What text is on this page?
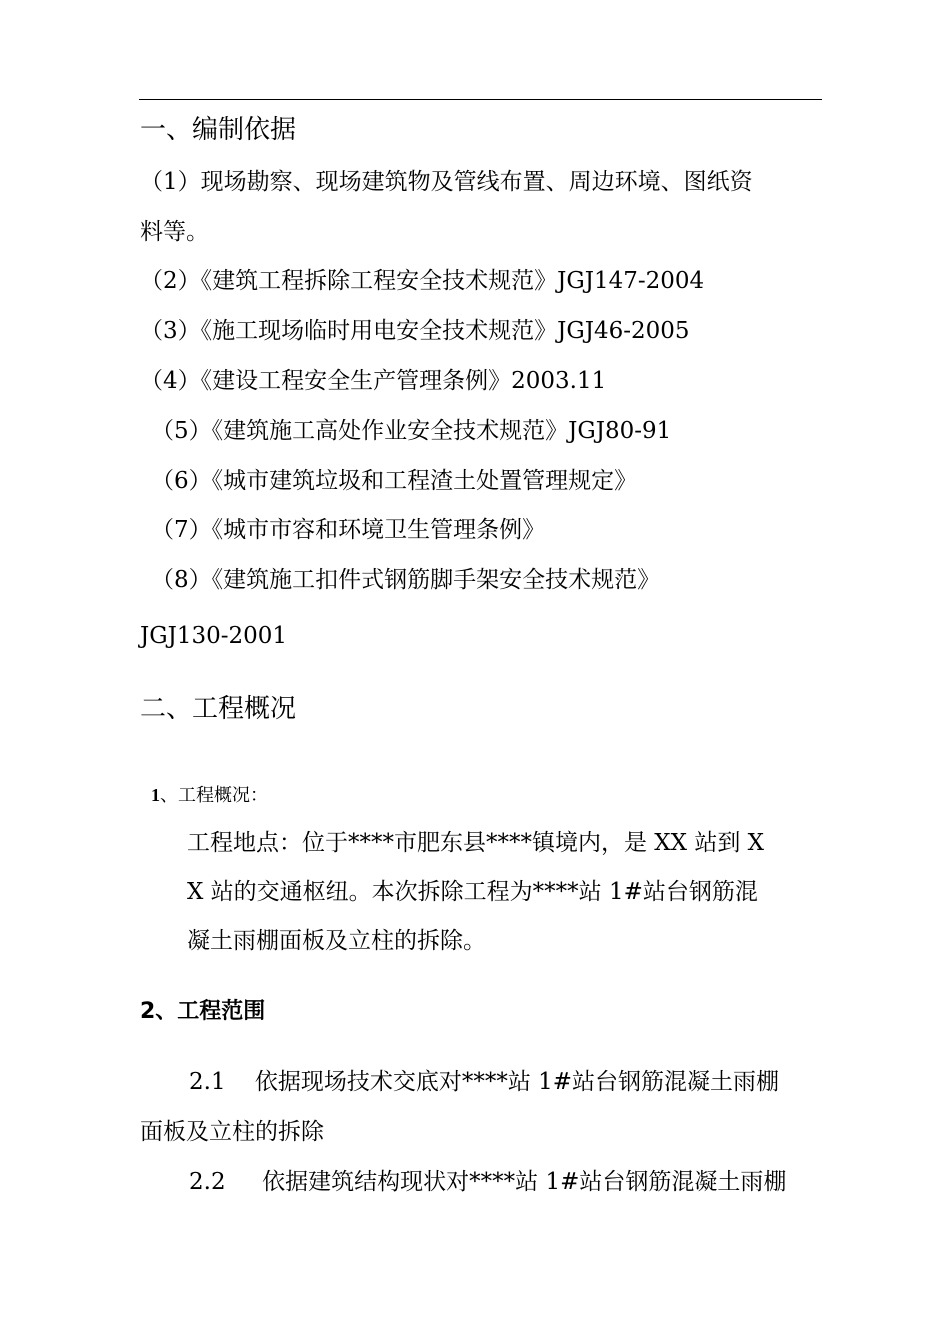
一、编制依据
（1）现场勘察、现场建筑物及管线布置、周边环境、图纸资
料等。
（2）《建筑工程拆除工程安全技术规范》JGJ147-2004
（3）《施工现场临时用电安全技术规范》JGJ46-2005
（4）《建设工程安全生产管理条例》2003.11
（5）《建筑施工高处作业安全技术规范》JGJ80-91
（6）《城市建筑垃圾和工程渣土处置管理规定》
（7）《城市市容和环境卫生管理条例》
（8）《建筑施工扣件式钢筋脚手架安全技术规范》
JGJ130-2001
二、工程概况
1、工程概况：
工程地点：位于****市肥东县****镇境内，是 XX 站到 X
X 站的交通枢纽。本次拆除工程为****站 1#站台钢筋混
凝土雨棚面板及立柱的拆除。
2、工程范围
2.1    依据现场技术交底对****站 1#站台钢筋混凝土雨棚
面板及立柱的拆除
2.2     依据建筑结构现状对****站 1#站台钢筋混凝土雨棚
